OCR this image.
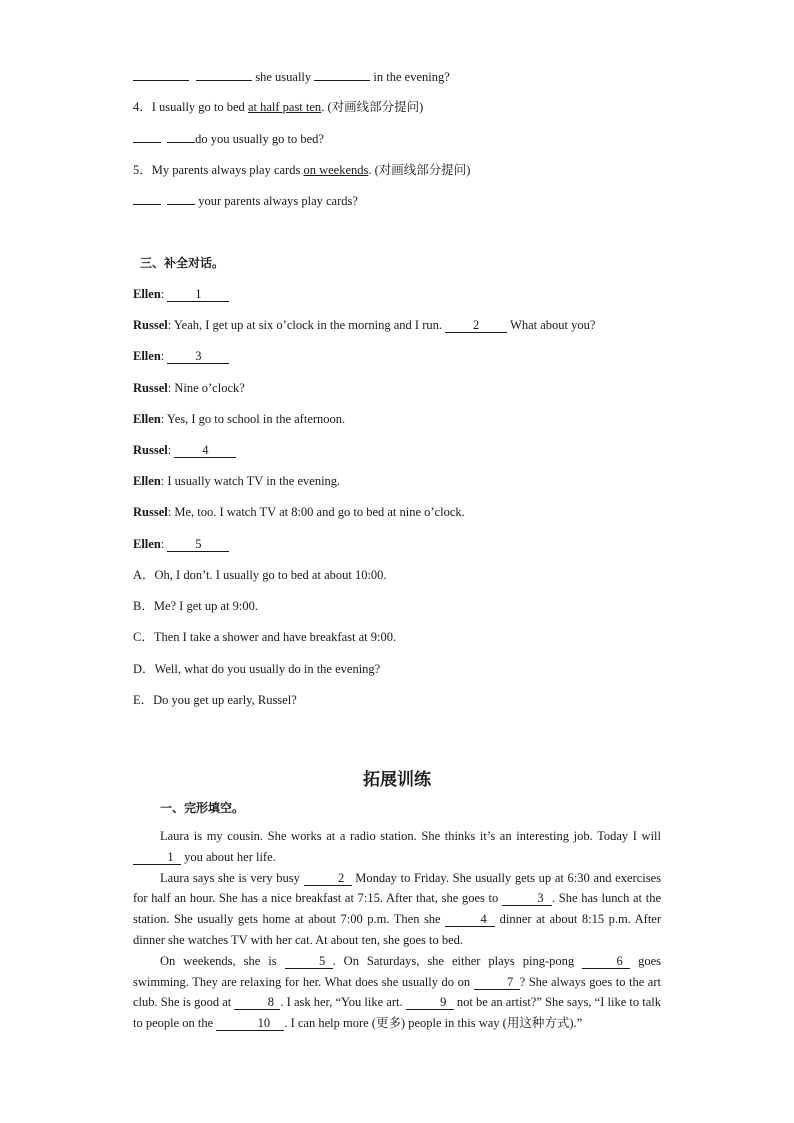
she usually	in the evening?
4．I usually go to bed at half past ten. (对画线部分提问)
do you usually go to bed?
5．My parents always play cards on weekends. (对画线部分提问)
your parents always play cards?
三、补全对话。
Ellen: 1
Russel: Yeah, I get up at six o’clock in the morning and I run. 2 What about you?
Ellen: 3
Russel: Nine o’clock?
Ellen: Yes, I go to school in the afternoon.
Russel: 4
Ellen: I usually watch TV in the evening.
Russel: Me, too. I watch TV at 8:00 and go to bed at nine o’clock.
Ellen: 5
A．Oh, I don’t. I usually go to bed at about 10:00.
B．Me? I get up at 9:00.
C．Then I take a shower and have breakfast at 9:00.
D．Well, what do you usually do in the evening?
E．Do you get up early, Russel?
拓展训练
一、完形填空。

Laura is my cousin. She works at a radio station. She thinks it’s an interesting job. Today I will 1 you about her life.

Laura says she is very busy	2 Monday to Friday. She usually gets up at 6:30 and exercises for half an hour. She has a nice breakfast at 7:15. After that, she goes to	3 . She has lunch at the station. She usually gets home at about 7:00 p.m. Then she	4 dinner at about 8:15 p.m. After dinner she watches TV with her cat. At about ten, she goes to bed.

On weekends, she is	5 . On Saturdays, she either plays ping-pong	6 goes swimming. They are relaxing for her. What does she usually do on	7 ? She always goes to the art club. She is good at	8 . I ask her, “You like art.	9 not be an artist?” She says, “I like to talk to people on the	10 . I can help more (更多) people in this way (用这种方式).”
